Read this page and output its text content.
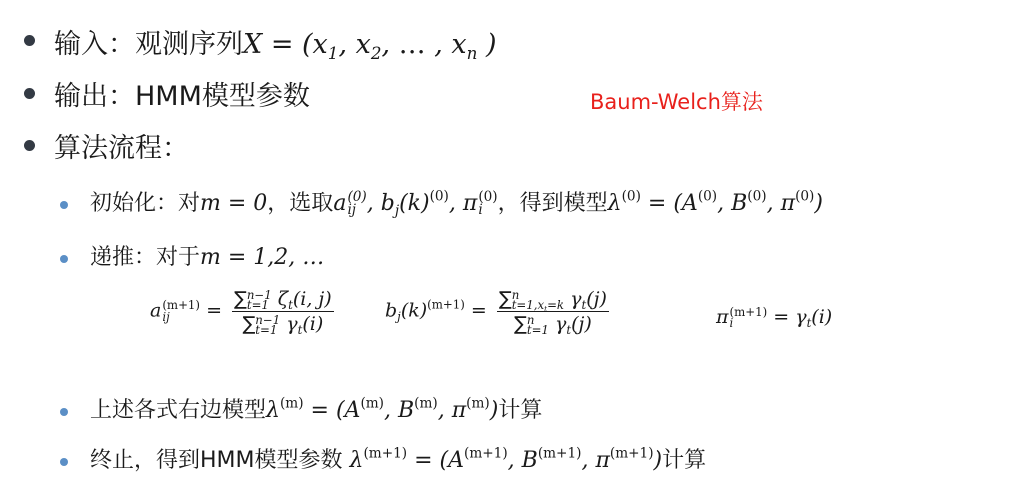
输入：观测序列$X = (x_1$, $x_2$, … , $x_n$ )
输出：HMM模型参数	Baum-Welch算法
算法流程：
初始化：对m = 0，选取a (0)
ij , $b_j(k)^{(0)}$, π (0)
i ，得到模型$\lambda^{(0)} = (A^{(0)}$, $B^{(0)}$, $\pi^{(0)}$)
递推：对于m = 1,2, …
a (m+1)
ij	= ∑ n−1
t=1 $\zeta_t(i$, j)
∑ n−1
t=1 $\gamma_t(i)$	$b_j(k)^{(m+1)}$ = ∑ n
$t=1,x_t=k$ $\gamma_t(j)$
∑ n
t=1 $\gamma_t(j)$	π (m+1)
i	= $\gamma_t(i)$
上述各式右边模型$\lambda^{(m)} = (A^{(m)}$, $B^{(m)}$, $\pi^{(m)}$)计算
终止，得到HMM模型参数 $\lambda^{(m+1)} = (A^{(m+1)}$, $B^{(m+1)}$, $\pi^{(m+1)}$)计算
